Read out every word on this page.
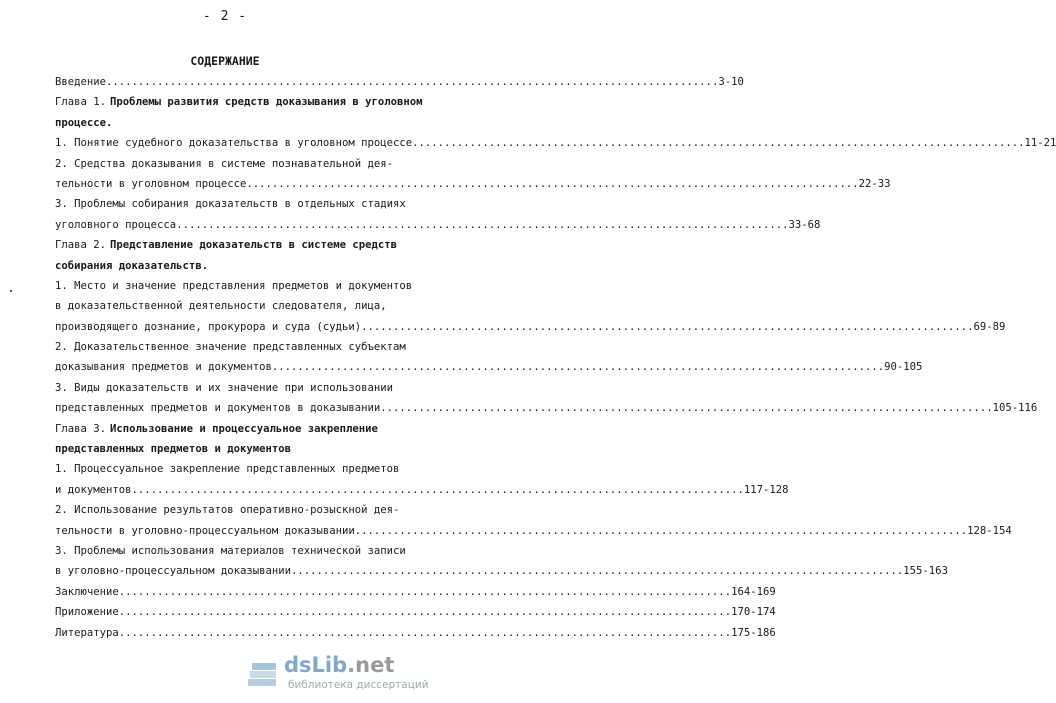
- 2 -
СОДЕРЖАНИЕ
Введение .....	3-10
Глава 1. Проблемы развития средств доказывания в уголовном
процессе.
1. Понятие судебного доказательства в уголовном процессе .....	11-21
2. Средства доказывания в системе познавательной дея-
тельности в уголовном процессе .....	22-33
3. Проблемы собирания доказательств в отдельных стадиях
уголовного процесса .....	33-68
Глава 2. Представление доказательств в системе средств
собирания доказательств.
1. Место и значение представления предметов и документов
в доказательственной деятельности следователя, лица,
производящего дознание, прокурора и суда (судьи) .....	69-89
2. Доказательственное значение представленных субъектам
доказывания предметов и документов .....	90-105
3. Виды доказательств и их значение при использовании
представленных предметов и документов в доказывании .....	105-116
Глава 3. Использование и процессуальное закрепление
представленных предметов и документов
1. Процессуальное закрепление представленных предметов
и документов .....	117-128
2. Использование результатов оперативно-розыскной дея-
тельности в уголовно-процессуальном доказывании .....	128-154
3. Проблемы использования материалов технической записи
в уголовно-процессуальном доказывании .....	155-163
Заключение .....	164-169
Приложение .....	170-174
Литература .....	175-186
dsLib.net
библиотека диссертаций
